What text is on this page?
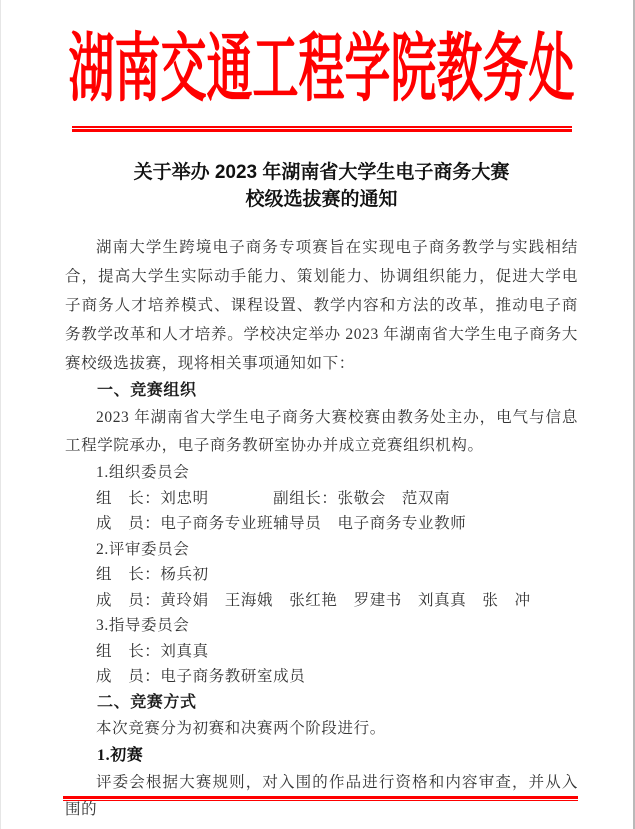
湖南交通工程学院教务处
关于举办 2023 年湖南省大学生电子商务大赛
校级选拔赛的通知

湖南大学生跨境电子商务专项赛旨在实现电子商务教学与实践相结合，提高大学生实际动手能力、策划能力、协调组织能力，促进大学电子商务人才培养模式、课程设置、教学内容和方法的改革，推动电子商务教学改革和人才培养。学校决定举办 2023 年湖南省大学生电子商务大赛校级选拔赛，现将相关事项通知如下：

一、竞赛组织

2023 年湖南省大学生电子商务大赛校赛由教务处主办，电气与信息工程学院承办，电子商务教研室协办并成立竞赛组织机构。

1.组织委员会

组　长：刘忠明　　　　副组长：张敬会　范双南

成　员：电子商务专业班辅导员　电子商务专业教师

2.评审委员会

组　长：杨兵初

成　员：黄玲娟　王海娥　张红艳　罗建书　刘真真　张　冲

3.指导委员会

组　长：刘真真

成　员：电子商务教研室成员

二、竞赛方式

本次竞赛分为初赛和决赛两个阶段进行。

1.初赛

评委会根据大赛规则，对入围的作品进行资格和内容审查，并从入围的
